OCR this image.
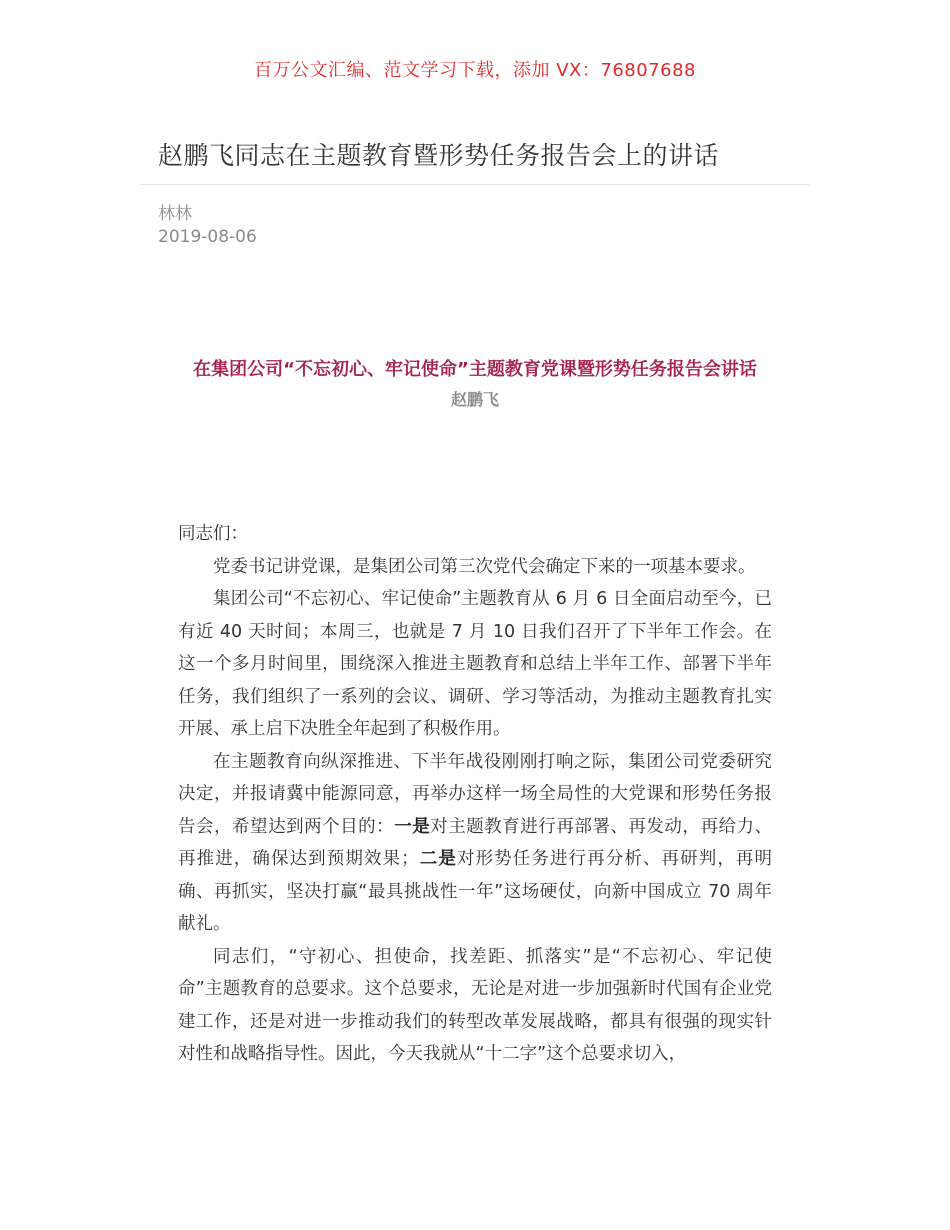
百万公文汇编、范文学习下载，添加 VX：76807688
赵鹏飞同志在主题教育暨形势任务报告会上的讲话
林林
2019-08-06

在集团公司“不忘初心、牢记使命”主题教育党课暨形势任务报告会讲话

赵鹏飞

同志们：

党委书记讲党课，是集团公司第三次党代会确定下来的一项基本要求。

集团公司“不忘初心、牢记使命”主题教育从 6 月 6 日全面启动至今，已有近 40 天时间；本周三，也就是 7 月 10 日我们召开了下半年工作会。在这一个多月时间里，围绕深入推进主题教育和总结上半年工作、部署下半年任务，我们组织了一系列的会议、调研、学习等活动，为推动主题教育扎实开展、承上启下决胜全年起到了积极作用。

在主题教育向纵深推进、下半年战役刚刚打响之际，集团公司党委研究决定，并报请冀中能源同意，再举办这样一场全局性的大党课和形势任务报告会，希望达到两个目的：一是对主题教育进行再部署、再发动，再给力、再推进，确保达到预期效果；二是对形势任务进行再分析、再研判，再明确、再抓实，坚决打赢“最具挑战性一年”这场硬仗，向新中国成立 70 周年献礼。

同志们，“守初心、担使命，找差距、抓落实”是“不忘初心、牢记使命”主题教育的总要求。这个总要求，无论是对进一步加强新时代国有企业党建工作，还是对进一步推动我们的转型改革发展战略，都具有很强的现实针对性和战略指导性。因此，今天我就从“十二字”这个总要求切入，
